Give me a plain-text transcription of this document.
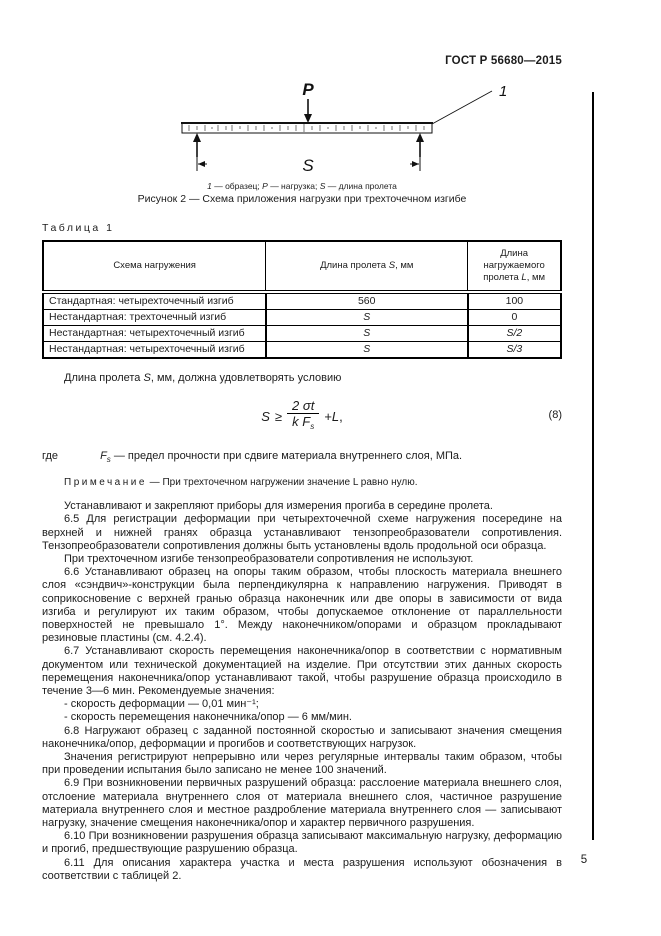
5
ГОСТ Р 56680—2015
P	1
S
1 — образец; P — нагрузка; S — длина пролета
Рисунок 2 — Схема приложения нагрузки при трехточечном изгибе
Таблица 1
Схема нагружения	Длина пролета S, мм	Длина нагружаемого пролета L, мм
Стандартная: четырехточечный изгиб	560	100
Нестандартная: трехточечный изгиб	S	0
Нестандартная: четырехточечный изгиб	S	S/2
Нестандартная: четырехточечный изгиб	S	S/3

Длина пролета S, мм, должна удовлетворять условию

$S \ge \frac{2 \sigma t}{k F_s} +L$,	(8)
где	$F_s$ — предел прочности при сдвиге материала внутреннего слоя, МПа.
Примечание — При трехточечном нагружении значение L равно нулю.

Устанавливают и закрепляют приборы для измерения прогиба в середине пролета.

6.5 Для регистрации деформации при четырехточечной схеме нагружения посередине на верхней и нижней гранях образца устанавливают тензопреобразователи сопротивления. Тензопреобразователи сопротивления должны быть установлены вдоль продольной оси образца.

При трехточечном изгибе тензопреобразователи сопротивления не используют.

6.6 Устанавливают образец на опоры таким образом, чтобы плоскость материала внешнего слоя «сэндвич»-конструкции была перпендикулярна к направлению нагружения. Приводят в соприкосновение с верхней гранью образца наконечник или две опоры в зависимости от вида изгиба и регулируют их таким образом, чтобы допускаемое отклонение от параллельности поверхностей не превышало 1°. Между наконечником/опорами и образцом прокладывают резиновые пластины (см. 4.2.4).

6.7 Устанавливают скорость перемещения наконечника/опор в соответствии с нормативным документом или технической документацией на изделие. При отсутствии этих данных скорость перемещения наконечника/опор устанавливают такой, чтобы разрушение образца происходило в течение 3—6 мин. Рекомендуемые значения:

- скорость деформации — 0,01 мин⁻¹;

- скорость перемещения наконечника/опор — 6 мм/мин.

6.8 Нагружают образец с заданной постоянной скоростью и записывают значения смещения наконечника/опор, деформации и прогибов и соответствующих нагрузок.

Значения регистрируют непрерывно или через регулярные интервалы таким образом, чтобы при проведении испытания было записано не менее 100 значений.

6.9 При возникновении первичных разрушений образца: расслоение материала внешнего слоя, отслоение материала внутреннего слоя от материала внешнего слоя, частичное разрушение материала внутреннего слоя и местное раздробление материала внутреннего слоя — записывают нагрузку, значение смещения наконечника/опор и характер первичного разрушения.

6.10 При возникновении разрушения образца записывают максимальную нагрузку, деформацию и прогиб, предшествующие разрушению образца.

6.11 Для описания характера участка и места разрушения используют обозначения в соответствии с таблицей 2.
